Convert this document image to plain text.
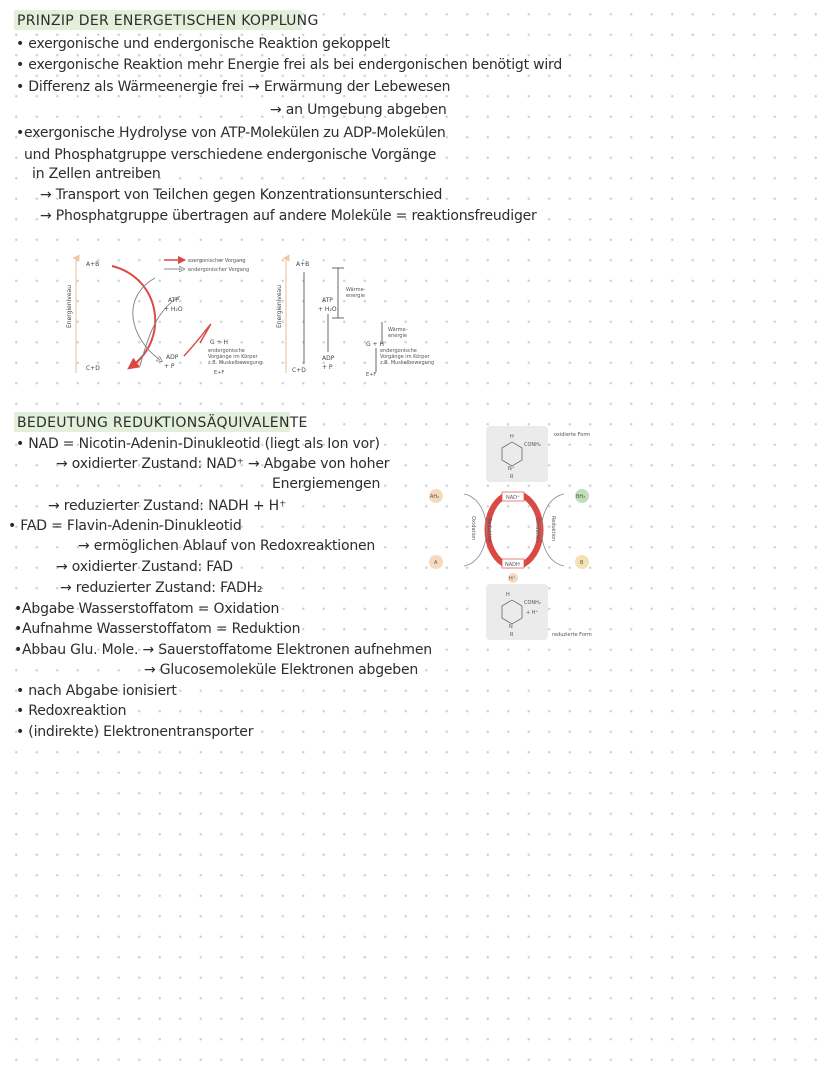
PRINZIP DER ENERGETISCHEN KOPPLUNG
• exergonische und endergonische Reaktion gekoppelt
• exergonische Reaktion mehr Energie frei als bei endergonischen benötigt wird
• Differenz als Wärmeenergie frei → Erwärmung der Lebewesen
→ an Umgebung abgeben
•exergonische Hydrolyse von ATP-Molekülen zu ADP-Molekülen
und Phosphatgruppe verschiedene endergonische Vorgänge
in Zellen antreiben
→ Transport von Teilchen gegen Konzentrationsunterschied
→ Phosphatgruppe übertragen auf andere Moleküle = reaktionsfreudiger
Energieniveau
A+B
C+D
ATP
+ H₂O
ADP
+ P
G + H
endergonische
Vorgänge im Körper
z.B. Muskelbewegung
E+F
exergonischer Vorgang
endergonischer Vorgang
Energieniveau
A+B
C+D
Wärme-
energie
ATP
+ H₂O
ADP
+ P
Wärme-
energie
G + H
endergonische
Vorgänge im Körper
z.B. Muskelbewegung
E+F
BEDEUTUNG REDUKTIONSÄQUIVALENTE
• NAD = Nicotin-Adenin-Dinukleotid (liegt als Ion vor)
→ oxidierter Zustand: NAD⁺ → Abgabe von hoher
Energiemengen
→ reduzierter Zustand: NADH + H⁺
• FAD = Flavin-Adenin-Dinukleotid
→ ermöglichen Ablauf von Redoxreaktionen
→ oxidierter Zustand: FAD
→ reduzierter Zustand: FADH₂
•Abgabe Wasserstoffatom = Oxidation
•Aufnahme Wasserstoffatom = Reduktion
•Abbau Glu. Mole. → Sauerstoffatome Elektronen aufnehmen
→ Glucosemoleküle Elektronen abgeben
• nach Abgabe ionisiert
• Redoxreaktion
• (indirekte) Elektronentransporter
H
CONH₂
N⁺
R
oxidierte Form
Oxidation Reduktion	Oxidation Reduktion
NAD⁺
NADH
H⁺
AH₂
A
BH₂
B
H
CONH₂
+ H⁺
N
R	reduzierte Form
